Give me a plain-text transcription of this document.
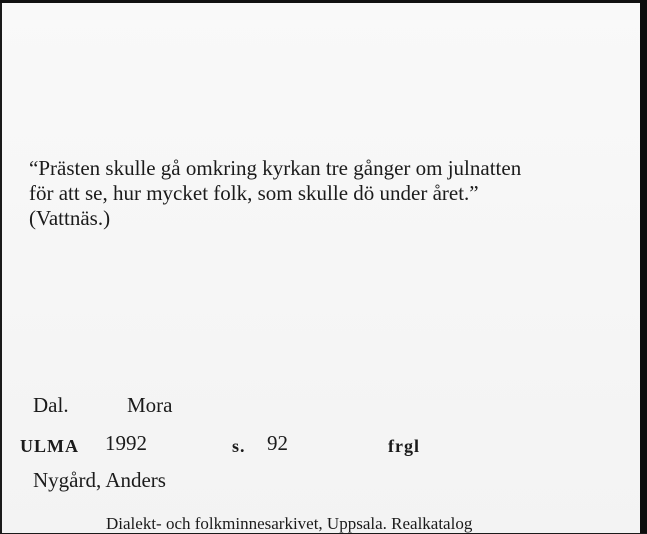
“Prästen skulle gå omkring kyrkan tre gånger om julnatten
för att se, hur mycket folk, som skulle dö under året.”
(Vattnäs.)
Dal.	Mora
ULMA 1992	s. 92	frgl
Nygård, Anders
Dialekt- och folkminnesarkivet, Uppsala. Realkatalog
